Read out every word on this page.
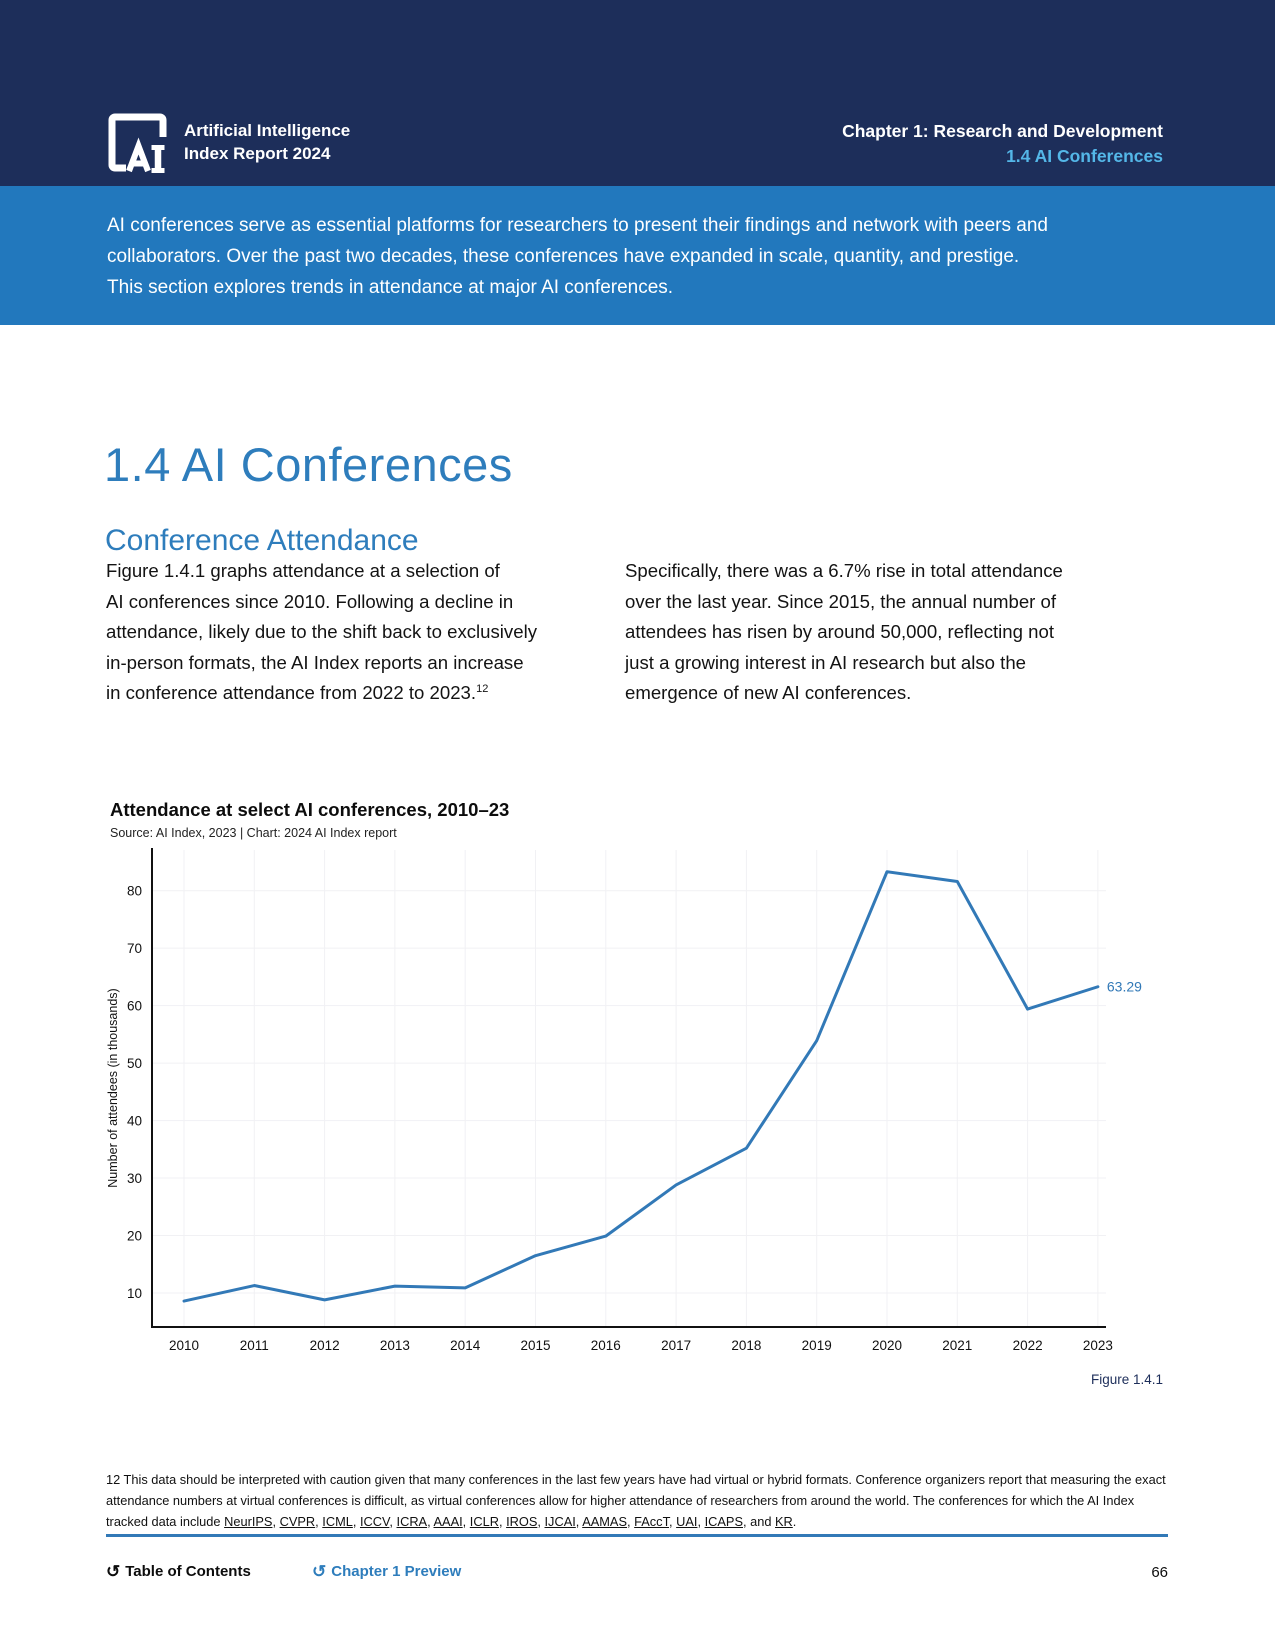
Artificial Intelligence
Index Report 2024
Chapter 1: Research and Development
1.4 AI Conferences
AI conferences serve as essential platforms for researchers to present their findings and network with peers and
collaborators. Over the past two decades, these conferences have expanded in scale, quantity, and prestige.
This section explores trends in attendance at major AI conferences.
1.4 AI Conferences
Conference Attendance
Figure 1.4.1 graphs attendance at a selection of
AI conferences since 2010. Following a decline in
attendance, likely due to the shift back to exclusively
in-person formats, the AI Index reports an increase
in conference attendance from 2022 to 2023.12
Specifically, there was a 6.7% rise in total attendance
over the last year. Since 2015, the annual number of
attendees has risen by around 50,000, reflecting not
just a growing interest in AI research but also the
emergence of new AI conferences.
Attendance at select AI conferences, 2010–23
Source: AI Index, 2023 | Chart: 2024 AI Index report
10
20
30
40
50
60
70
80
2010	2011	2012	2013	2014	2015	2016	2017	2018	2019	2020	2021	2022	2023
Number of attendees (in thousands)
63.29
Figure 1.4.1
12 This data should be interpreted with caution given that many conferences in the last few years have had virtual or hybrid formats. Conference organizers report that measuring the exact attendance numbers at virtual conferences is difficult, as virtual conferences allow for higher attendance of researchers from around the world. The conferences for which the AI Index tracked data include NeurIPS, CVPR, ICML, ICCV, ICRA, AAAI, ICLR, IROS, IJCAI, AAMAS, FAccT, UAI, ICAPS, and KR.
↺ Table of Contents	↺ Chapter 1 Preview	66
